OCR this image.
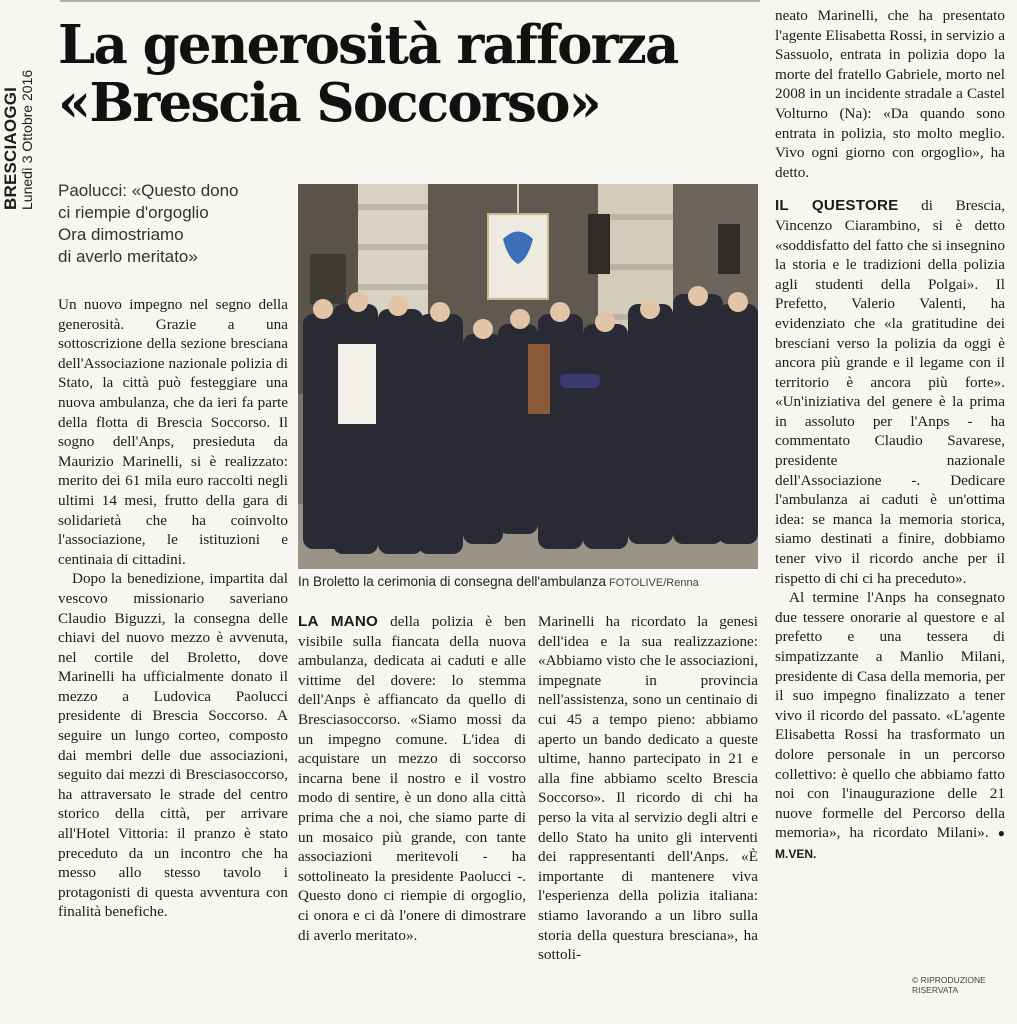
BRESCIAOGGI
Lunedì 3 Ottobre 2016
La generosità rafforza
«Brescia Soccorso»
Paolucci: «Questo dono
ci riempie d'orgoglio
Ora dimostriamo
di averlo meritato»
In Broletto la cerimonia di consegna dell'ambulanza FOTOLIVE/Renna

Un nuovo impegno nel segno della generosità. Grazie a una sottoscrizione della sezione bresciana dell'Associazione nazionale polizia di Stato, la città può festeggiare una nuova ambulanza, che da ieri fa parte della flotta di Brescia Soccorso. Il sogno dell'Anps, presieduta da Maurizio Marinelli, si è realizzato: merito dei 61 mila euro raccolti negli ultimi 14 mesi, frutto della gara di solidarietà che ha coinvolto l'associazione, le istituzioni e centinaia di cittadini.

Dopo la benedizione, impartita dal vescovo missionario saveriano Claudio Biguzzi, la consegna delle chiavi del nuovo mezzo è avvenuta, nel cortile del Broletto, dove Marinelli ha ufficialmente donato il mezzo a Ludovica Paolucci presidente di Brescia Soccorso. A seguire un lungo corteo, composto dai membri delle due associazioni, seguito dai mezzi di Bresciasoccorso, ha attraversato le strade del centro storico della città, per arrivare all'Hotel Vittoria: il pranzo è stato preceduto da un incontro che ha messo allo stesso tavolo i protagonisti di questa avventura con finalità benefiche.

LA MANO della polizia è ben visibile sulla fiancata della nuova ambulanza, dedicata ai caduti e alle vittime del dovere: lo stemma dell'Anps è affiancato da quello di Bresciasoccorso. «Siamo mossi da un impegno comune. L'idea di acquistare un mezzo di soccorso incarna bene il nostro e il vostro modo di sentire, è un dono alla città prima che a noi, che siamo parte di un mosaico più grande, con tante associazioni meritevoli - ha sottolineato la presidente Paolucci -. Questo dono ci riempie di orgoglio, ci onora e ci dà l'onere di dimostrare di averlo meritato».

Marinelli ha ricordato la genesi dell'idea e la sua realizzazione: «Abbiamo visto che le associazioni, impegnate in provincia nell'assistenza, sono un centinaio di cui 45 a tempo pieno: abbiamo aperto un bando dedicato a queste ultime, hanno partecipato in 21 e alla fine abbiamo scelto Brescia Soccorso». Il ricordo di chi ha perso la vita al servizio degli altri e dello Stato ha unito gli interventi dei rappresentanti dell'Anps. «È importante di mantenere viva l'esperienza della polizia italiana: stiamo lavorando a un libro sulla storia della questura bresciana», ha sottoli-

neato Marinelli, che ha presentato l'agente Elisabetta Rossi, in servizio a Sassuolo, entrata in polizia dopo la morte del fratello Gabriele, morto nel 2008 in un incidente stradale a Castel Volturno (Na): «Da quando sono entrata in polizia, sto molto meglio. Vivo ogni giorno con orgoglio», ha detto.

IL QUESTORE di Brescia, Vincenzo Ciarambino, si è detto «soddisfatto del fatto che si insegnino la storia e le tradizioni della polizia agli studenti della Polgai». Il Prefetto, Valerio Valenti, ha evidenziato che «la gratitudine dei bresciani verso la polizia da oggi è ancora più grande e il legame con il territorio è ancora più forte». «Un'iniziativa del genere è la prima in assoluto per l'Anps - ha commentato Claudio Savarese, presidente nazionale dell'Associazione -. Dedicare l'ambulanza ai caduti è un'ottima idea: se manca la memoria storica, siamo destinati a finire, dobbiamo tener vivo il ricordo anche per il rispetto di chi ci ha preceduto».

Al termine l'Anps ha consegnato due tessere onorarie al questore e al prefetto e una tessera di simpatizzante a Manlio Milani, presidente di Casa della memoria, per il suo impegno finalizzato a tener vivo il ricordo del passato. «L'agente Elisabetta Rossi ha trasformato un dolore personale in un percorso collettivo: è quello che abbiamo fatto noi con l'inaugurazione delle 21 nuove formelle del Percorso della memoria», ha ricordato Milani». ● M.VEN.

© RIPRODUZIONE RISERVATA
